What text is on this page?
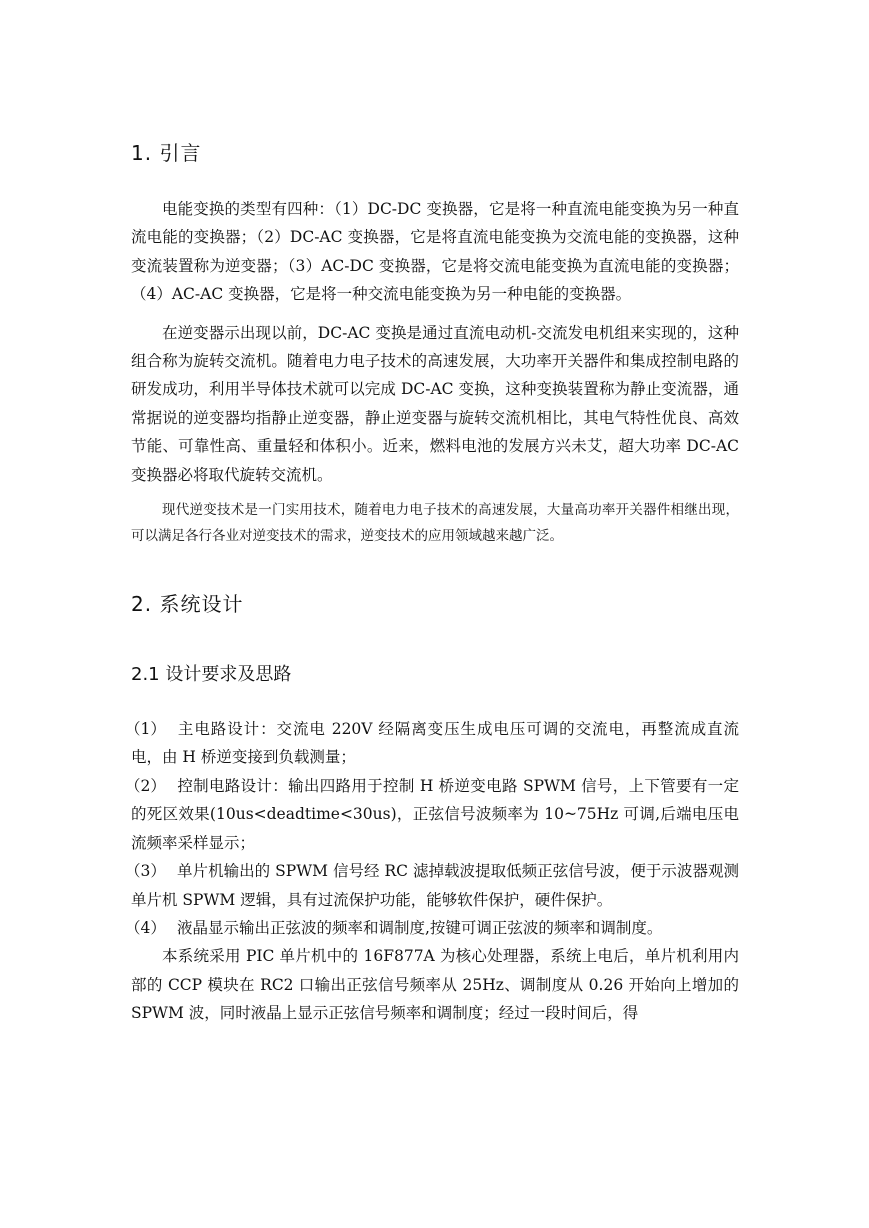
1. 引言

电能变换的类型有四种：（1）DC-DC 变换器，它是将一种直流电能变换为另一种直流电能的变换器；（2）DC-AC 变换器，它是将直流电能变换为交流电能的变换器，这种变流装置称为逆变器；（3）AC-DC 变换器，它是将交流电能变换为直流电能的变换器；（4）AC-AC 变换器，它是将一种交流电能变换为另一种电能的变换器。

在逆变器示出现以前，DC-AC 变换是通过直流电动机-交流发电机组来实现的，这种组合称为旋转交流机。随着电力电子技术的高速发展，大功率开关器件和集成控制电路的研发成功，利用半导体技术就可以完成 DC-AC 变换，这种变换装置称为静止变流器，通常据说的逆变器均指静止逆变器，静止逆变器与旋转交流机相比，其电气特性优良、高效节能、可靠性高、重量轻和体积小。近来，燃料电池的发展方兴未艾，超大功率 DC-AC 变换器必将取代旋转交流机。

现代逆变技术是一门实用技术，随着电力电子技术的高速发展，大量高功率开关器件相继出现，可以满足各行各业对逆变技术的需求，逆变技术的应用领域越来越广泛。

2. 系统设计
2.1 设计要求及思路
（1） 主电路设计：交流电 220V 经隔离变压生成电压可调的交流电，再整流成直流电，由 H 桥逆变接到负载测量；
（2） 控制电路设计：输出四路用于控制 H 桥逆变电路 SPWM 信号，上下管要有一定的死区效果(10us<deadtime<30us)，正弦信号波频率为 10~75Hz 可调,后端电压电流频率采样显示；
（3） 单片机输出的 SPWM 信号经 RC 滤掉载波提取低频正弦信号波，便于示波器观测单片机 SPWM 逻辑，具有过流保护功能，能够软件保护，硬件保护。
（4） 液晶显示输出正弦波的频率和调制度,按键可调正弦波的频率和调制度。

本系统采用 PIC 单片机中的 16F877A 为核心处理器，系统上电后，单片机利用内部的 CCP 模块在 RC2 口输出正弦信号频率从 25Hz、调制度从 0.26 开始向上增加的 SPWM 波，同时液晶上显示正弦信号频率和调制度；经过一段时间后，得
